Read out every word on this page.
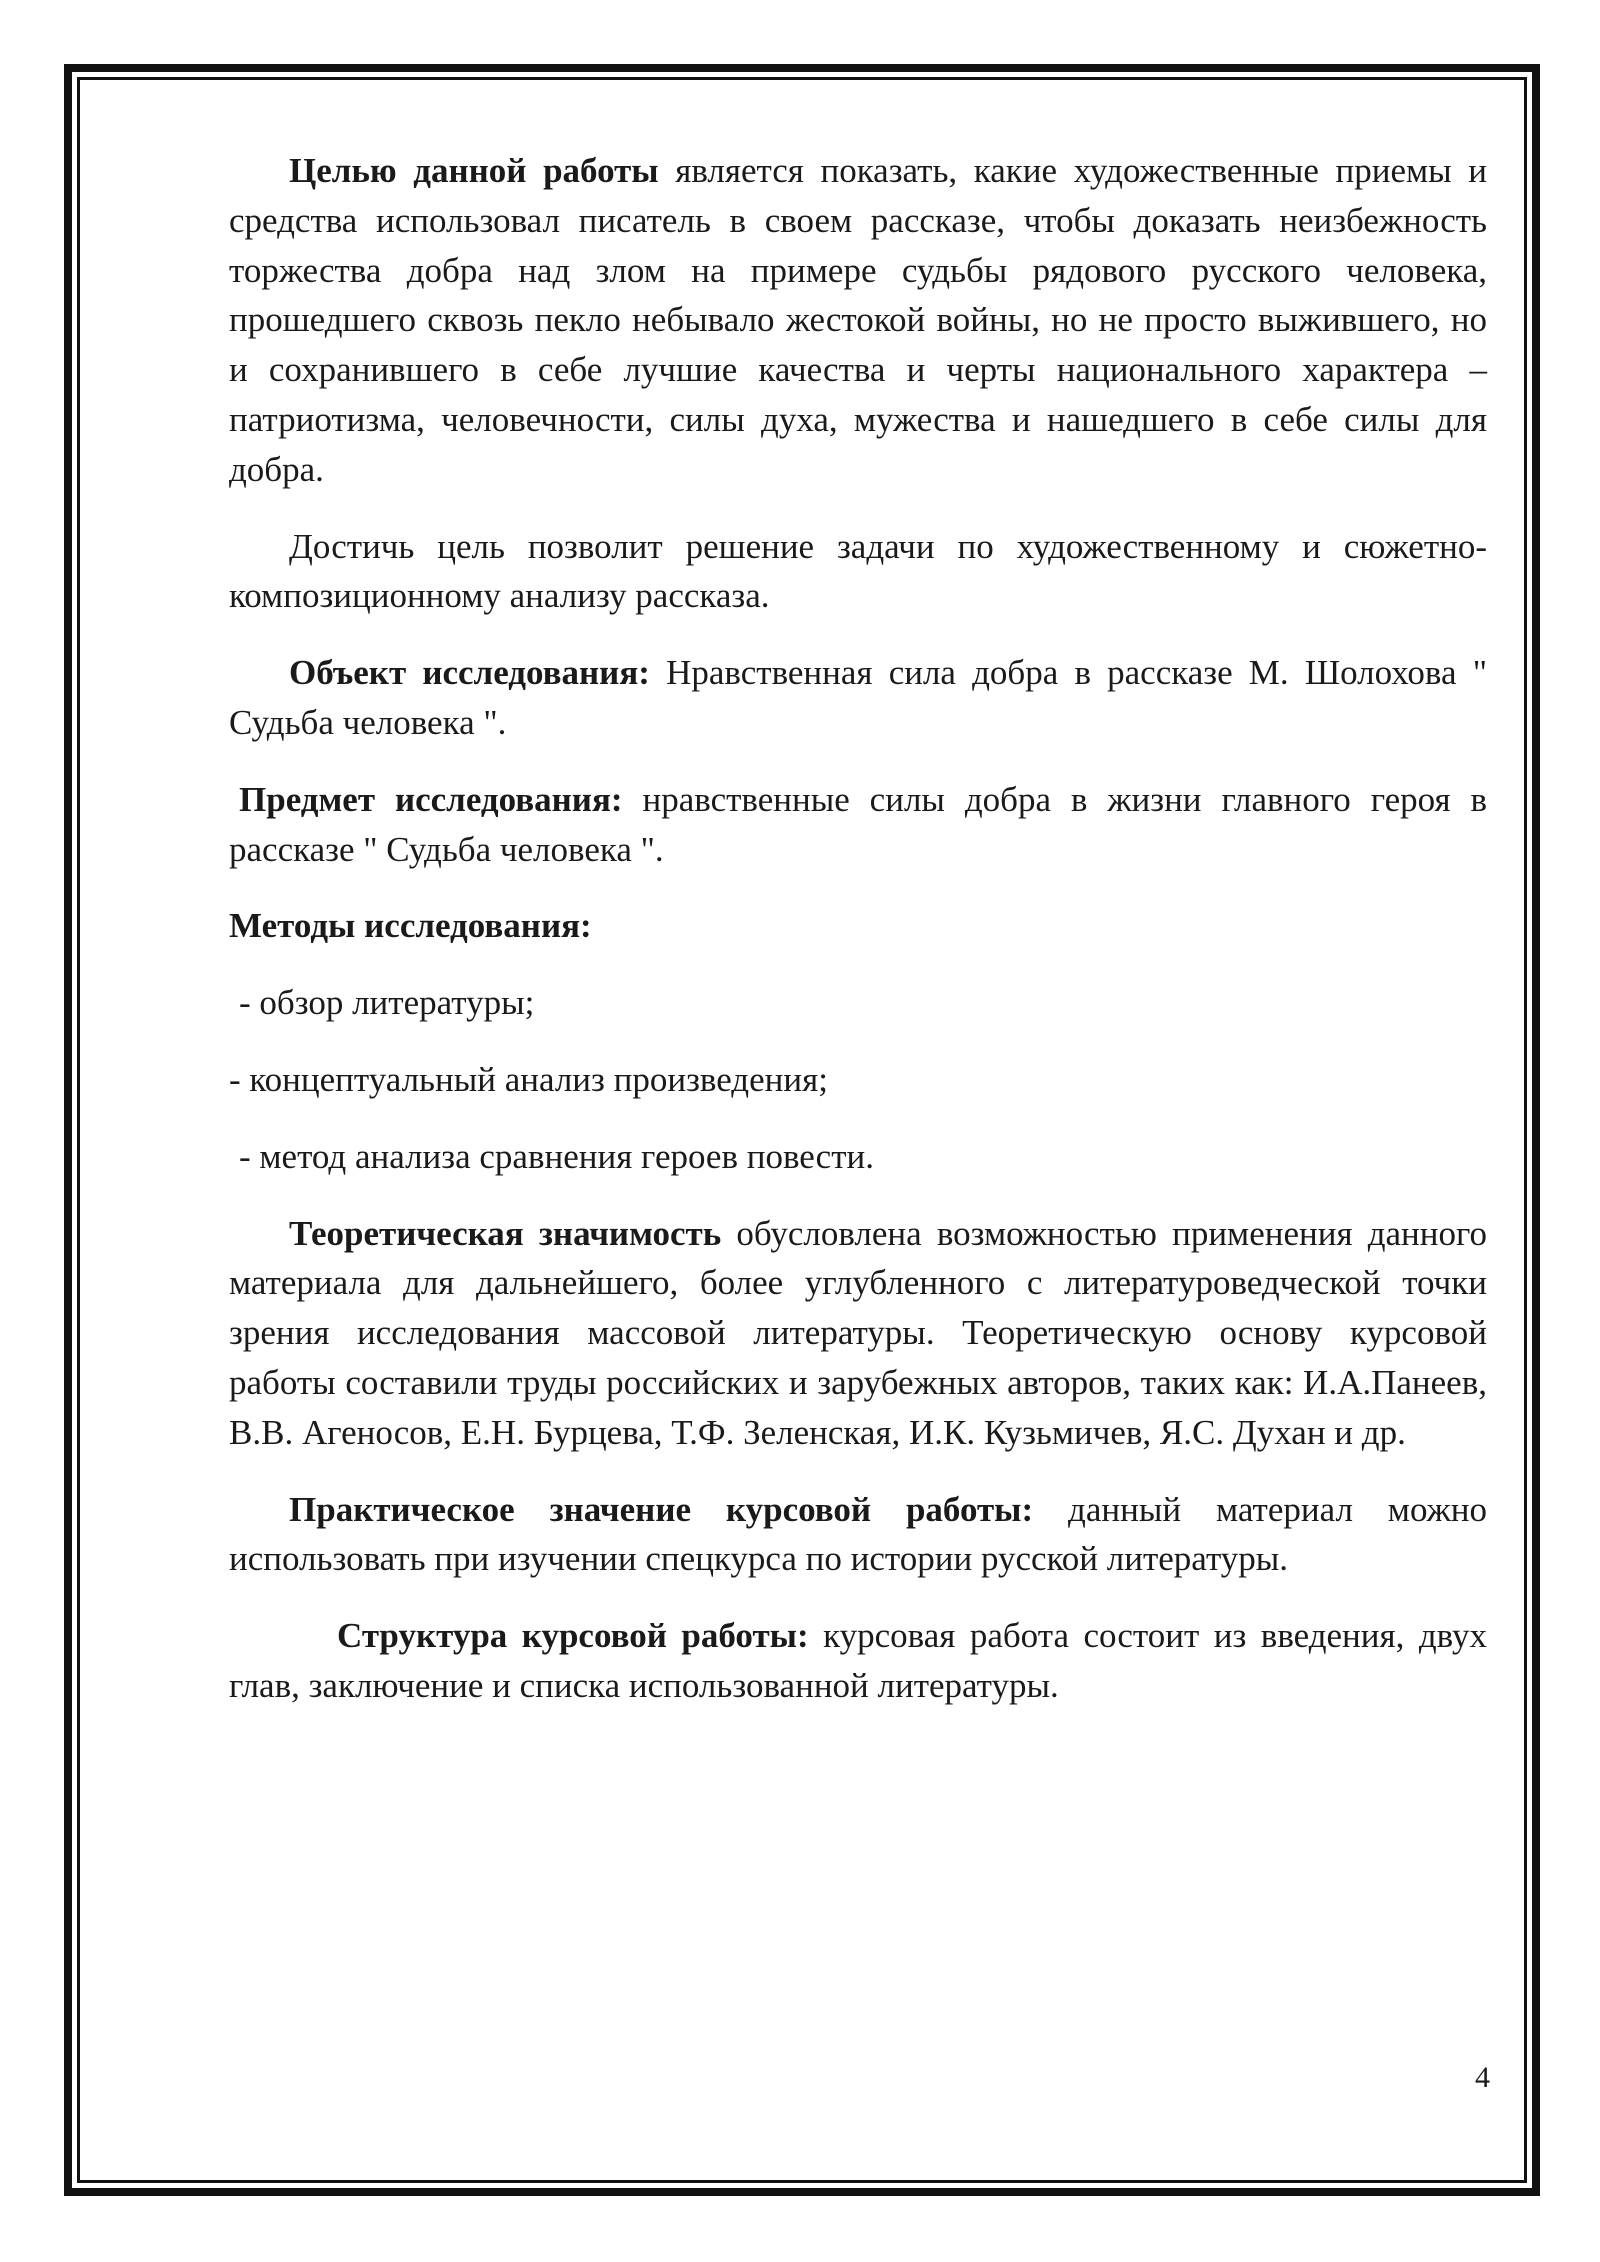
Целью данной работы является показать, какие художественные приемы и средства использовал писатель в своем рассказе, чтобы доказать неизбежность торжества добра над злом на примере судьбы рядового русского человека, прошедшего сквозь пекло небывало жестокой войны, но не просто выжившего, но и сохранившего в себе лучшие качества и черты национального характера – патриотизма, человечности, силы духа, мужества и нашедшего в себе силы для добра.

Достичь цель позволит решение задачи по художественному и сюжетно-композиционному анализу рассказа.

Объект исследования: Нравственная сила добра в рассказе М. Шолохова " Судьба человека ".

Предмет исследования: нравственные силы добра в жизни главного героя в рассказе " Судьба человека ".

Методы исследования:

- обзор литературы;

- концептуальный анализ произведения;

- метод анализа сравнения героев повести.

Теоретическая значимость обусловлена возможностью применения данного материала для дальнейшего, более углубленного с литературоведческой точки зрения исследования массовой литературы. Теоретическую основу курсовой работы составили труды российских и зарубежных авторов, таких как: И.А.Панеев, В.В. Агеносов, Е.Н. Бурцева, Т.Ф. Зеленская, И.К. Кузьмичев, Я.С. Духан и др.

Практическое значение курсовой работы: данный материал можно использовать при изучении спецкурса по истории русской литературы.

Структура курсовой работы: курсовая работа состоит из введения, двух глав, заключение и списка использованной литературы.

4
